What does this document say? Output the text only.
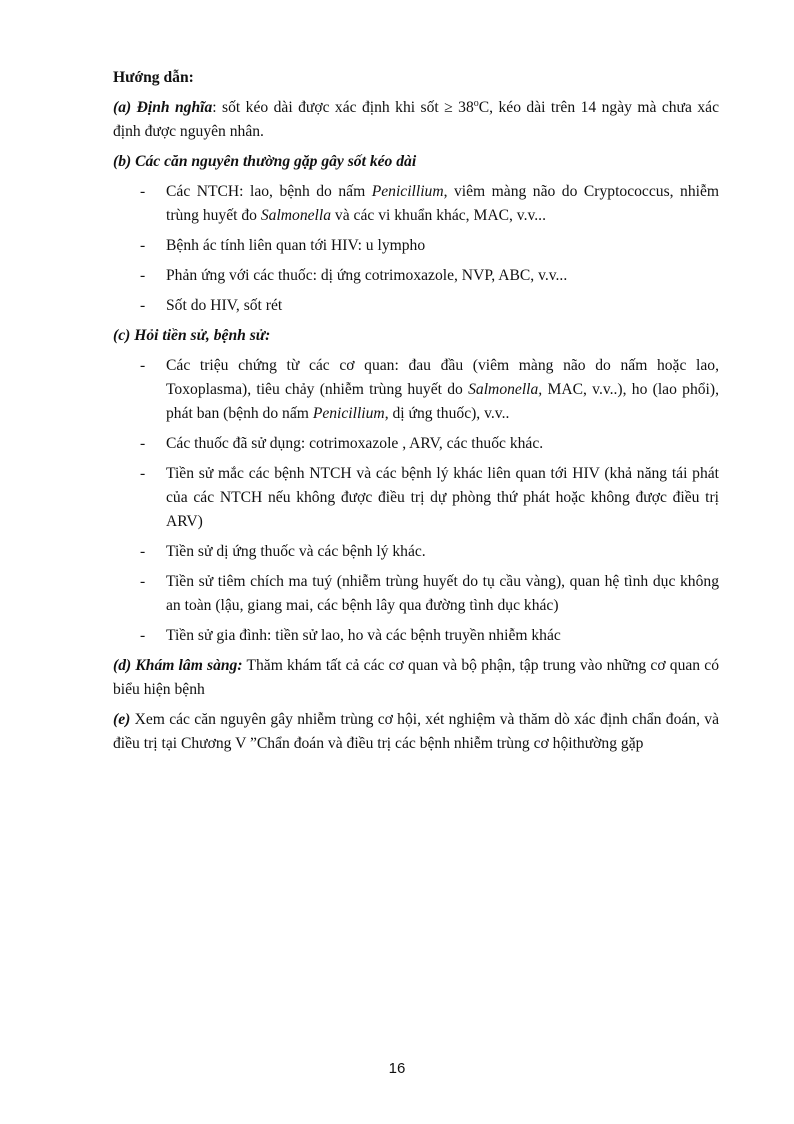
Hướng dẫn:

(a) Định nghĩa: sốt kéo dài được xác định khi sốt ≥ $38^oC$, kéo dài trên 14 ngày mà chưa xác định được nguyên nhân.

(b) Các căn nguyên thường gặp gây sốt kéo dài

- Các NTCH: lao, bệnh do nấm Penicillium, viêm màng não do Cryptococcus, nhiễm trùng huyết đo Salmonella và các vi khuẩn khác, MAC, v.v...
- Bệnh ác tính liên quan tới HIV: u lympho
- Phản ứng với các thuốc: dị ứng cotrimoxazole, NVP, ABC, v.v...
- Sốt do HIV, sốt rét

(c) Hỏi tiền sử, bệnh sử:

- Các triệu chứng từ các cơ quan: đau đầu (viêm màng não do nấm hoặc lao, Toxoplasma), tiêu chảy (nhiễm trùng huyết do Salmonella, MAC, v.v..), ho (lao phổi), phát ban (bệnh do nấm Penicillium, dị ứng thuốc), v.v..
- Các thuốc đã sử dụng: cotrimoxazole , ARV, các thuốc khác.
- Tiền sử mắc các bệnh NTCH và các bệnh lý khác liên quan tới HIV (khả năng tái phát của các NTCH nếu không được điều trị dự phòng thứ phát hoặc không được điều trị ARV)
- Tiền sử dị ứng thuốc và các bệnh lý khác.
- Tiền sử tiêm chích ma tuý (nhiễm trùng huyết do tụ cầu vàng), quan hệ tình dục không an toàn (lậu, giang mai, các bệnh lây qua đường tình dục khác)
- Tiền sử gia đình: tiền sử lao, ho và các bệnh truyền nhiễm khác

(d) Khám lâm sàng: Thăm khám tất cả các cơ quan và bộ phận, tập trung vào những cơ quan có biểu hiện bệnh

(e) Xem các căn nguyên gây nhiễm trùng cơ hội, xét nghiệm và thăm dò xác định chẩn đoán, và điều trị tại Chương V ”Chẩn đoán và điều trị các bệnh nhiễm trùng cơ hộithường gặp

16
